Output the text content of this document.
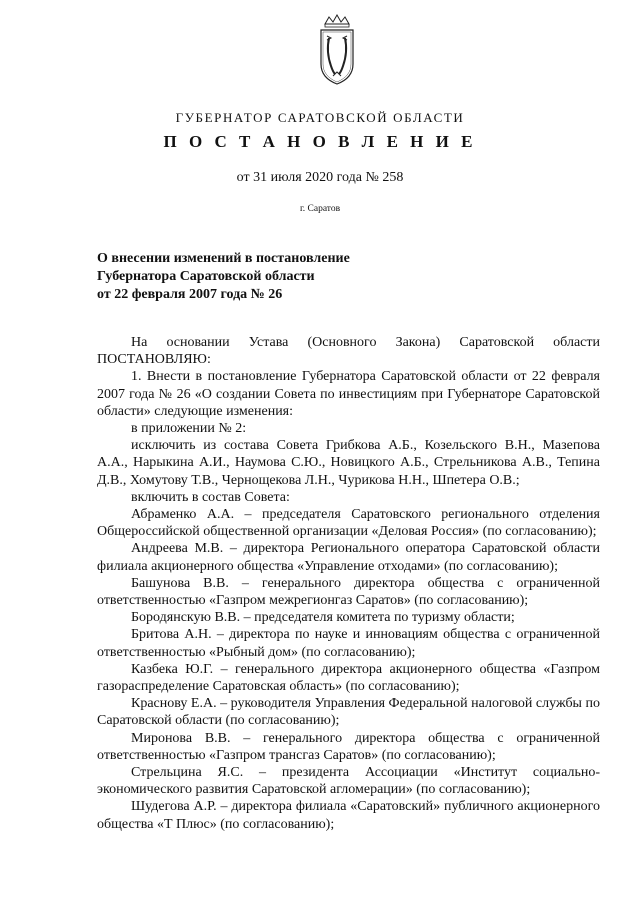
ГУБЕРНАТОР САРАТОВСКОЙ ОБЛАСТИ
П О С Т А Н О В Л Е Н И Е
от 31 июля 2020 года № 258
г. Саратов
О внесении изменений в постановление
Губернатора Саратовской области
от 22 февраля 2007 года № 26

На основании Устава (Основного Закона) Саратовской области ПОСТАНОВЛЯЮ:

1. Внести в постановление Губернатора Саратовской области от 22 февраля 2007 года № 26 «О создании Совета по инвестициям при Губернаторе Саратовской области» следующие изменения:

в приложении № 2:

исключить из состава Совета Грибкова А.Б., Козельского В.Н., Мазепова А.А., Нарыкина А.И., Наумова С.Ю., Новицкого А.Б., Стрельникова А.В., Тепина Д.В., Хомутову Т.В., Чернощекова Л.Н., Чурикова Н.Н., Шпетера О.В.;

включить в состав Совета:

Абраменко А.А. – председателя Саратовского регионального отделения Общероссийской общественной организации «Деловая Россия» (по согласованию);

Андреева М.В. – директора Регионального оператора Саратовской области филиала акционерного общества «Управление отходами» (по согласованию);

Башунова В.В. – генерального директора общества с ограниченной ответственностью «Газпром межрегионгаз Саратов» (по согласованию);

Бородянскую В.В. – председателя комитета по туризму области;

Бритова А.Н. – директора по науке и инновациям общества с ограниченной ответственностью «Рыбный дом» (по согласованию);

Казбека Ю.Г. – генерального директора акционерного общества «Газпром газораспределение Саратовская область» (по согласованию);

Краснову Е.А. – руководителя Управления Федеральной налоговой службы по Саратовской области (по согласованию);

Миронова В.В. – генерального директора общества с ограниченной ответственностью «Газпром трансгаз Саратов» (по согласованию);

Стрельцина Я.С. – президента Ассоциации «Институт социально-экономического развития Саратовской агломерации» (по согласованию);

Шудегова А.Р. – директора филиала «Саратовский» публичного акционерного общества «Т Плюс» (по согласованию);
